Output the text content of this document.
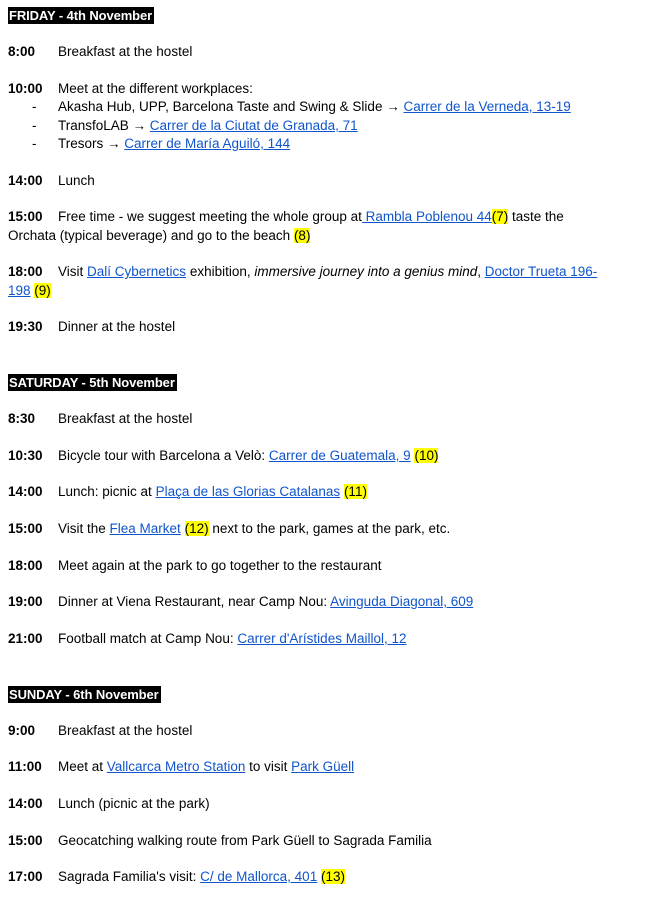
FRIDAY - 4th November
8:00 Breakfast at the hostel
10:00 Meet at the different workplaces:
- Akasha Hub, UPP, Barcelona Taste and Swing & Slide → Carrer de la Verneda, 13-19
- TransfoLAB → Carrer de la Ciutat de Granada, 71
- Tresors → Carrer de María Aguiló, 144
14:00 Lunch
15:00	Free time - we suggest meeting the whole group at Rambla Poblenou 44(7) taste the Orchata (typical beverage) and go to the beach (8)
18:00	Visit Dalí Cybernetics exhibition, immersive journey into a genius mind, Doctor Trueta 196-198 (9)
19:30 Dinner at the hostel
SATURDAY - 5th November
8:30 Breakfast at the hostel
10:30 Bicycle tour with Barcelona a Velò: Carrer de Guatemala, 9 (10)
14:00 Lunch: picnic at Plaça de las Glorias Catalanas (11)
15:00 Visit the Flea Market (12) next to the park, games at the park, etc.
18:00 Meet again at the park to go together to the restaurant
19:00 Dinner at Viena Restaurant, near Camp Nou: Avinguda Diagonal, 609
21:00 Football match at Camp Nou: Carrer d'Arístides Maillol, 12
SUNDAY - 6th November
9:00 Breakfast at the hostel
11:00 Meet at Vallcarca Metro Station to visit Park Güell
14:00 Lunch (picnic at the park)
15:00 Geocatching walking route from Park Güell to Sagrada Familia
17:00 Sagrada Familia's visit: C/ de Mallorca, 401 (13)
